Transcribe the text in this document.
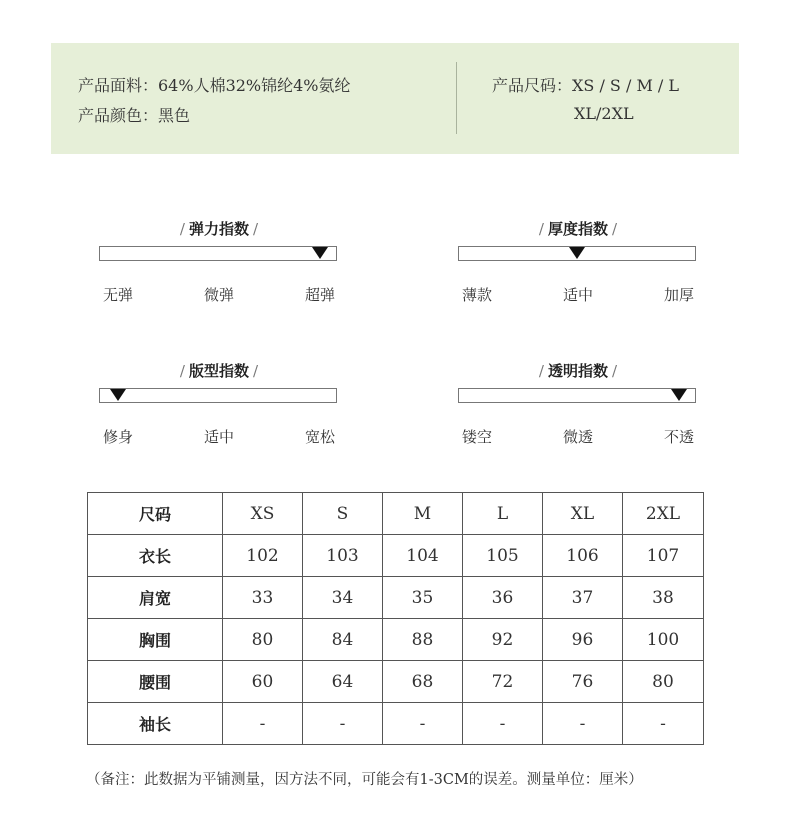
产品面料：64%人棉32%锦纶4%氨纶
产品颜色：黑色
产品尺码：XS / S / M / L
XL/2XL
/ 弹力指数 /
无弹	微弹	超弹
/ 厚度指数 /
薄款	适中	加厚
/ 版型指数 /
修身	适中	宽松
/ 透明指数 /
镂空	微透	不透
尺码	XS	S	M	L	XL	2XL
衣长	102	103	104	105	106	107
肩宽	33	34	35	36	37	38
胸围	80	84	88	92	96	100
腰围	60	64	68	72	76	80
袖长	-	-	-	-	-	-
（备注：此数据为平铺测量，因方法不同，可能会有1-3CM的误差。测量单位：厘米）
